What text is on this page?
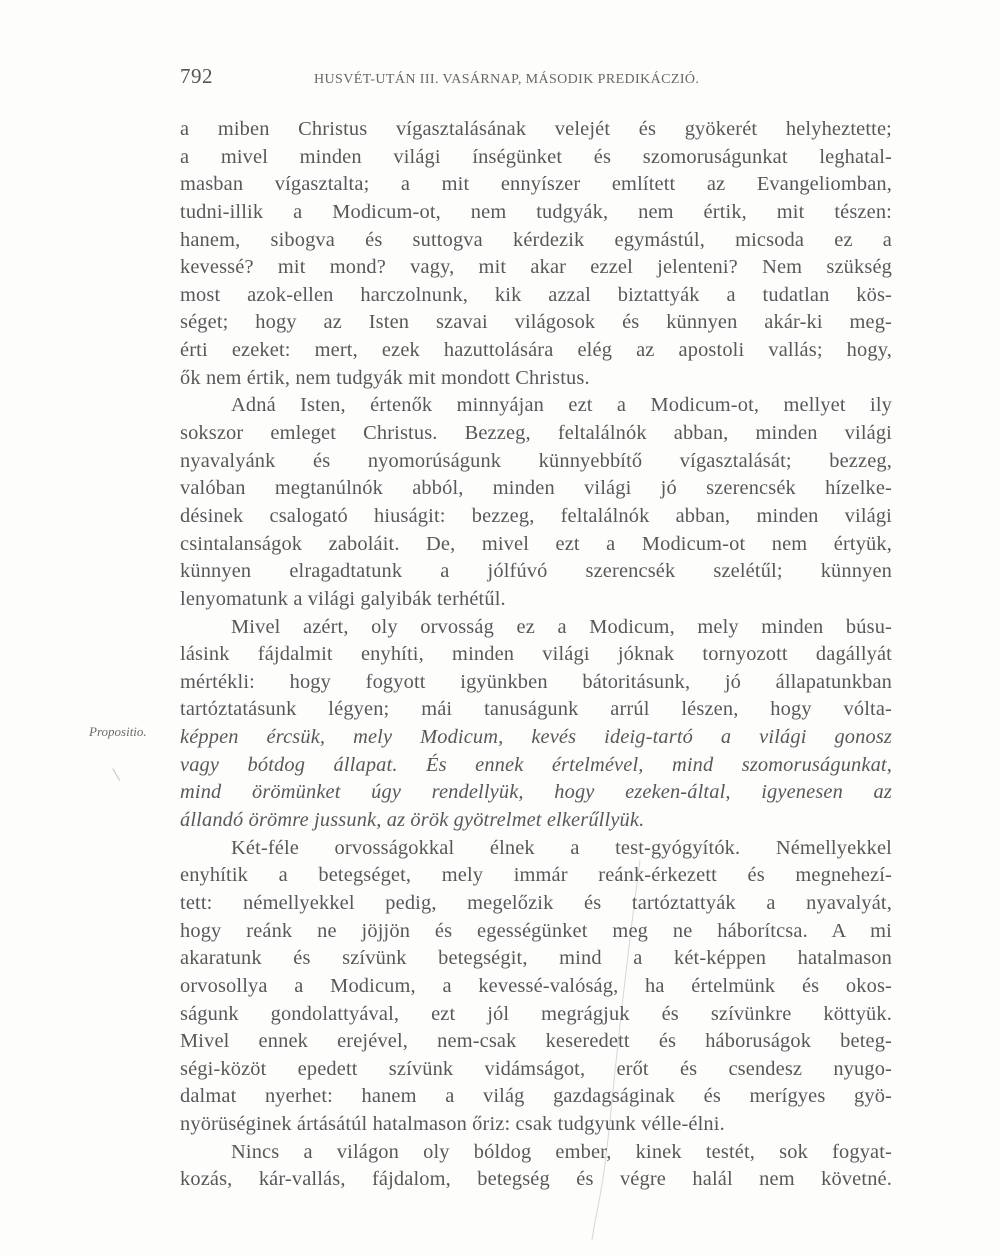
792	HUSVÉT-UTÁN III. VASÁRNAP, MÁSODIK PREDIKÁCZIÓ.
Propositio.
a miben Christus vígasztalásának velejét és gyökerét helyheztette;
a mivel minden világi ínségünket és szomoruságunkat leghatal-
masban vígasztalta; a mit ennyíszer említett az Evangeliomban,
tudni-illik a Modicum-ot, nem tudgyák, nem értik, mit tészen:
hanem, sibogva és suttogva kérdezik egymástúl, micsoda ez a
kevessé? mit mond? vagy, mit akar ezzel jelenteni? Nem szükség
most azok-ellen harczolnunk, kik azzal biztattyák a tudatlan kös-
séget; hogy az Isten szavai világosok és künnyen akár-ki meg-
érti ezeket: mert, ezek hazuttolására elég az apostoli vallás; hogy,
ők nem értik, nem tudgyák mit mondott Christus.
Adná Isten, értenők minnyájan ezt a Modicum-ot, mellyet ily
sokszor emleget Christus. Bezzeg, feltalálnók abban, minden világi
nyavalyánk és nyomorúságunk künnyebbítő vígasztalását; bezzeg,
valóban megtanúlnók abból, minden világi jó szerencsék hízelke-
désinek csalogató hiuságit: bezzeg, feltalálnók abban, minden világi
csintalanságok zaboláit. De, mivel ezt a Modicum-ot nem értyük,
künnyen elragadtatunk a jólfúvó szerencsék szelétűl; künnyen
lenyomatunk a világi galyibák terhétűl.
Mivel azért, oly orvosság ez a Modicum, mely minden búsu-
lásink fájdalmit enyhíti, minden világi jóknak tornyozott dagállyát
mértékli: hogy fogyott igyünkben bátoritásunk, jó állapatunkban
tartóztatásunk légyen; mái tanuságunk arrúl lészen, hogy vólta-
képpen ércsük, mely Modicum, kevés ideig-tartó a világi gonosz
vagy bótdog állapat. És ennek értelmével, mind szomoruságunkat,
mind örömünket úgy rendellyük, hogy ezeken-által, igyenesen az
állandó örömre jussunk, az örök gyötrelmet elkerűllyük.
Két-féle orvosságokkal élnek a test-gyógyítók. Némellyekkel
enyhítik a betegséget, mely immár reánk-érkezett és megnehezí-
tett: némellyekkel pedig, megelőzik és tartóztattyák a nyavalyát,
hogy reánk ne jöjjön és egességünket meg ne háborítcsa. A mi
akaratunk és szívünk betegségit, mind a két-képpen hatalmason
orvosollya a Modicum, a kevessé-valóság, ha értelmünk és okos-
ságunk gondolattyával, ezt jól megrágjuk és szívünkre köttyük.
Mivel ennek erejével, nem-csak keseredett és háboruságok beteg-
ségi-közöt epedett szívünk vidámságot, erőt és csendesz nyugo-
dalmat nyerhet: hanem a világ gazdagságinak és merígyes gyö-
nyörüséginek ártásátúl hatalmason őriz: csak tudgyunk vélle-élni.
Nincs a világon oly bóldog ember, kinek testét, sok fogyat-
kozás, kár-vallás, fájdalom, betegség és végre halál nem követné.
